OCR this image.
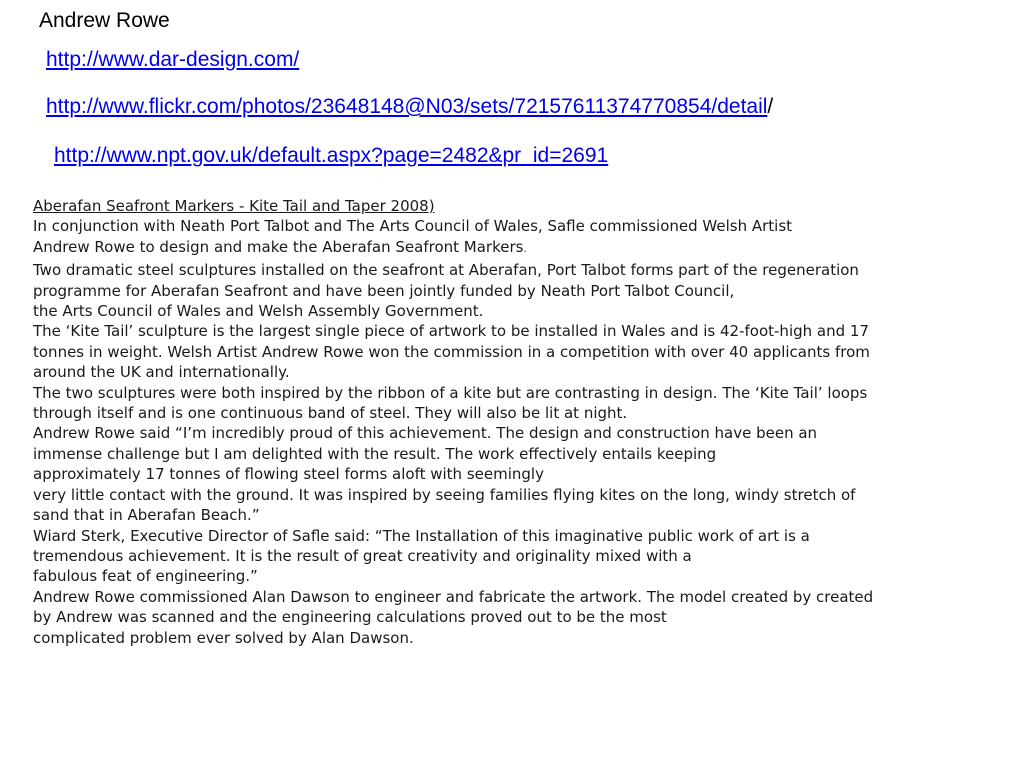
Andrew Rowe
http://www.dar-design.com/
http://www.flickr.com/photos/23648148@N03/sets/72157611374770854/detail/
http://www.npt.gov.uk/default.aspx?page=2482&pr_id=2691
Aberafan Seafront Markers - Kite Tail and Taper 2008)
In conjunction with Neath Port Talbot and The Arts Council of Wales, Safle commissioned Welsh Artist
Andrew Rowe to design and make the Aberafan Seafront Markers.
Two dramatic steel sculptures installed on the seafront at Aberafan, Port Talbot forms part of the regeneration
programme for Aberafan Seafront and have been jointly funded by Neath Port Talbot Council,
the Arts Council of Wales and Welsh Assembly Government.
The ‘Kite Tail’ sculpture is the largest single piece of artwork to be installed in Wales and is 42-foot-high and 17
tonnes in weight. Welsh Artist Andrew Rowe won the commission in a competition with over 40 applicants from
around the UK and internationally.
The two sculptures were both inspired by the ribbon of a kite but are contrasting in design. The ‘Kite Tail’ loops
through itself and is one continuous band of steel. They will also be lit at night.
Andrew Rowe said “I’m incredibly proud of this achievement. The design and construction have been an
immense challenge but I am delighted with the result. The work effectively entails keeping
approximately 17 tonnes of flowing steel forms aloft with seemingly
very little contact with the ground. It was inspired by seeing families flying kites on the long, windy stretch of
sand that in Aberafan Beach.”
Wiard Sterk, Executive Director of Safle said: “The Installation of this imaginative public work of art is a
tremendous achievement. It is the result of great creativity and originality mixed with a
fabulous feat of engineering.”
Andrew Rowe commissioned Alan Dawson to engineer and fabricate the artwork. The model created by created
by Andrew was scanned and the engineering calculations proved out to be the most
complicated problem ever solved by Alan Dawson.
